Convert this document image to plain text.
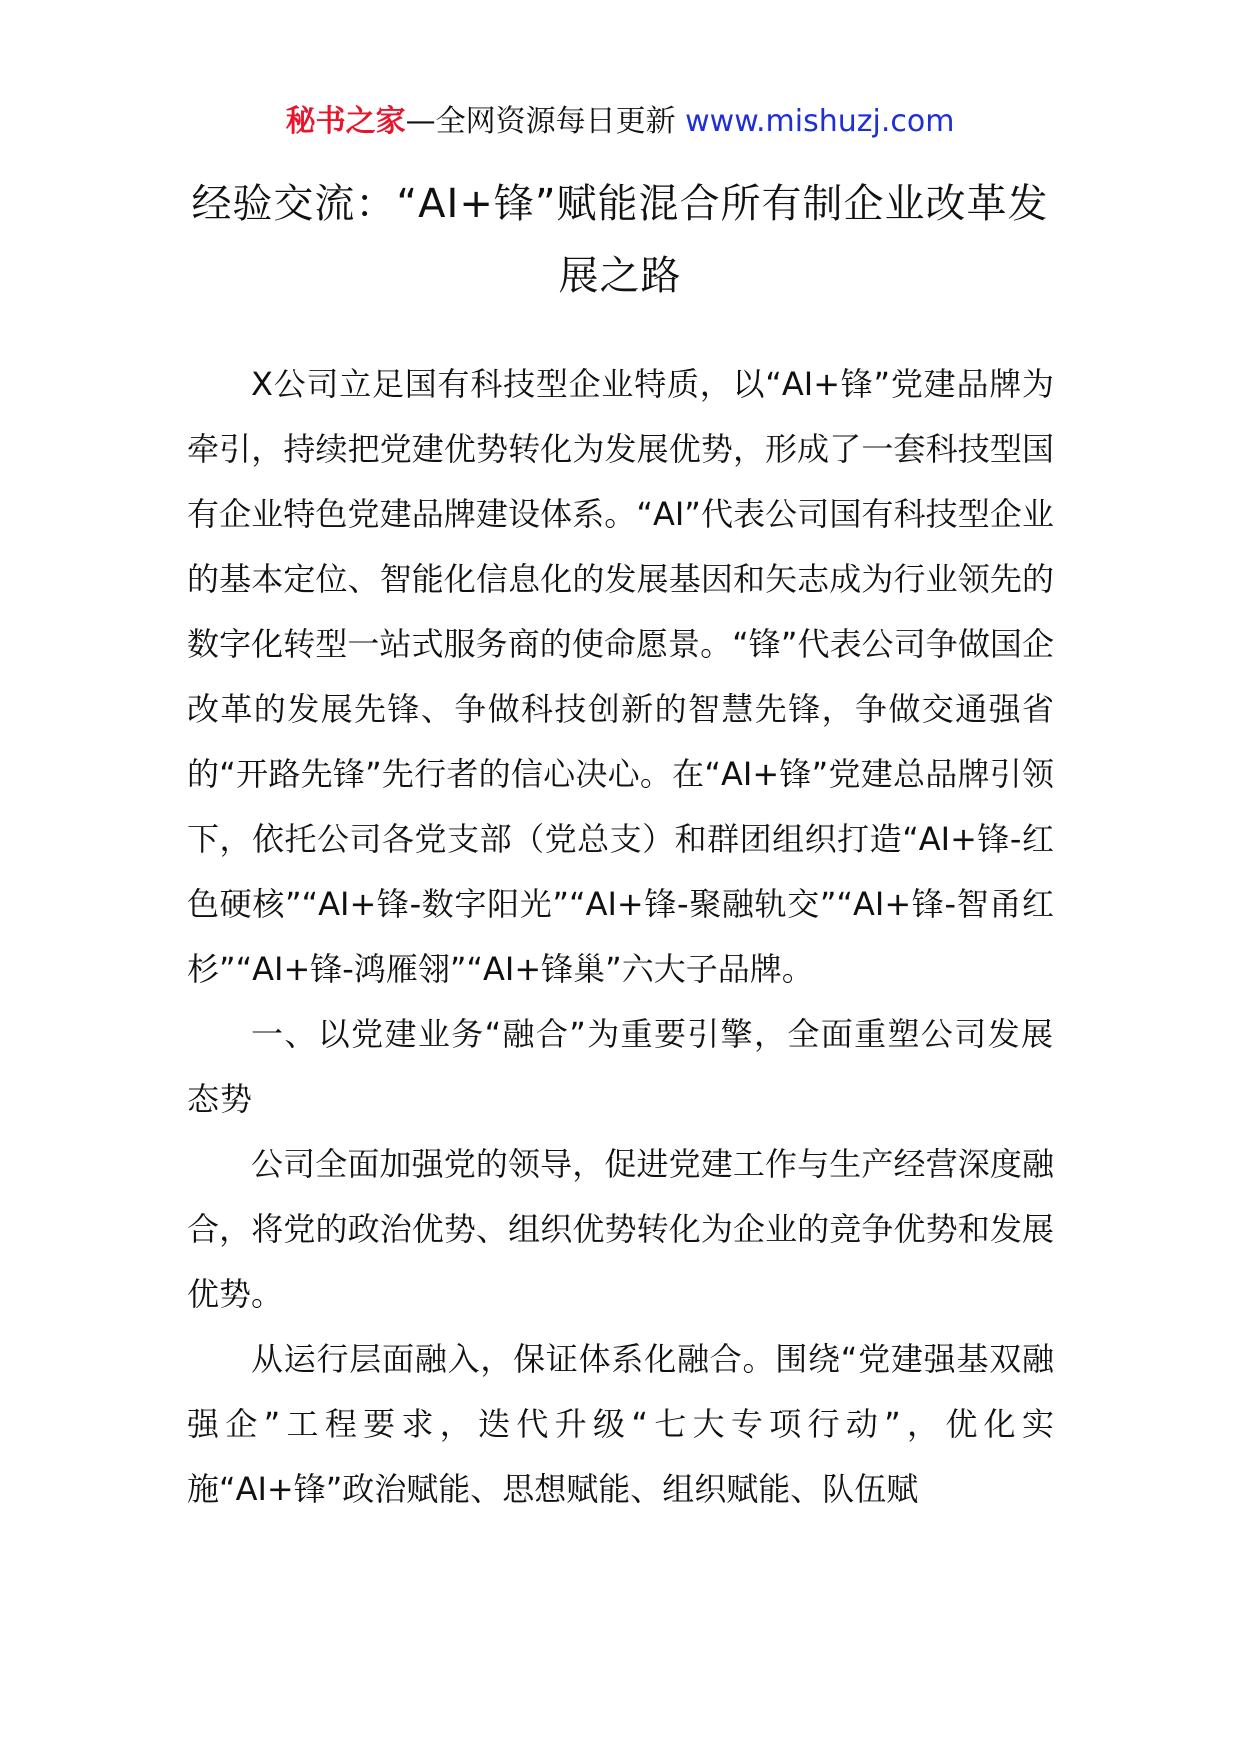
秘书之家—全网资源每日更新 www.mishuzj.com
经验交流：“AI+锋”赋能混合所有制企业改革发展之路

X公司立足国有科技型企业特质，以“AI+锋”党建品牌为牵引，持续把党建优势转化为发展优势，形成了一套科技型国有企业特色党建品牌建设体系。“AI”代表公司国有科技型企业的基本定位、智能化信息化的发展基因和矢志成为行业领先的数字化转型一站式服务商的使命愿景。“锋”代表公司争做国企改革的发展先锋、争做科技创新的智慧先锋，争做交通强省的“开路先锋”先行者的信心决心。在“AI+锋”党建总品牌引领下，依托公司各党支部（党总支）和群团组织打造“AI+锋-红色硬核”“AI+锋-数字阳光”“AI+锋-聚融轨交”“AI+锋-智甬红杉”“AI+锋-鸿雁翎”“AI+锋巢”六大子品牌。

一、以党建业务“融合”为重要引擎，全面重塑公司发展态势

公司全面加强党的领导，促进党建工作与生产经营深度融合，将党的政治优势、组织优势转化为企业的竞争优势和发展优势。

从运行层面融入，保证体系化融合。围绕“党建强基双融强企”工程要求，迭代升级“七大专项行动”，优化实施“AI+锋”政治赋能、思想赋能、组织赋能、队伍赋
